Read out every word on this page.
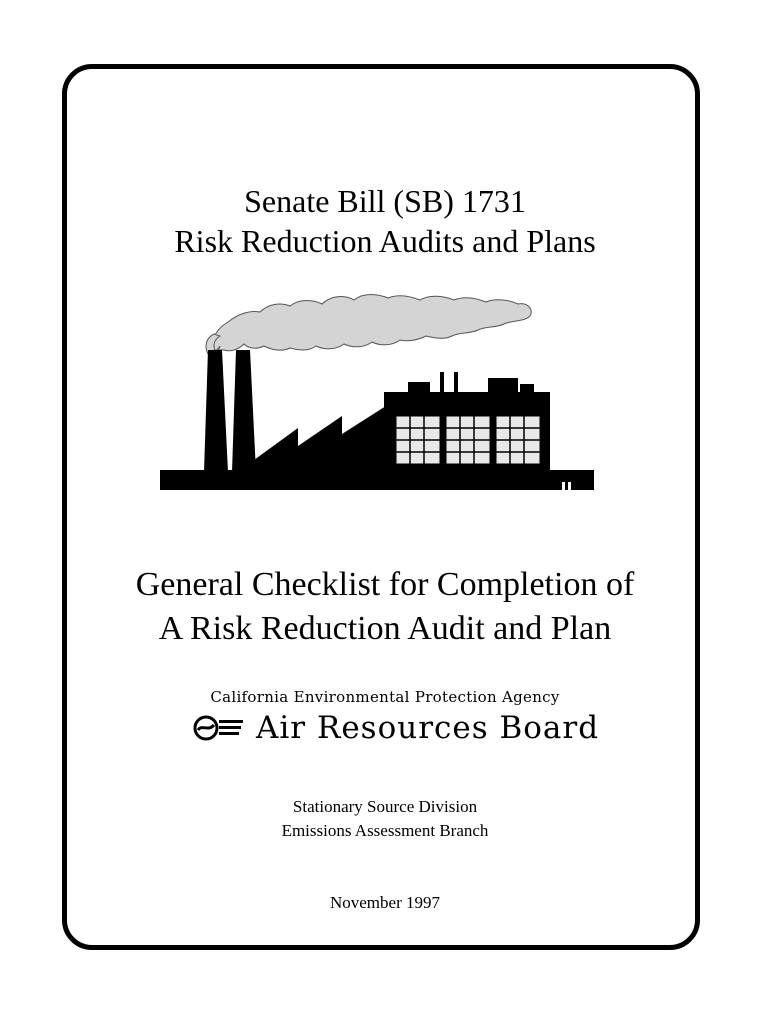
Senate Bill (SB) 1731
Risk Reduction Audits and Plans
General Checklist for Completion of
A Risk Reduction Audit and Plan
California Environmental Protection Agency
Air Resources Board
Stationary Source Division
Emissions Assessment Branch
November 1997
